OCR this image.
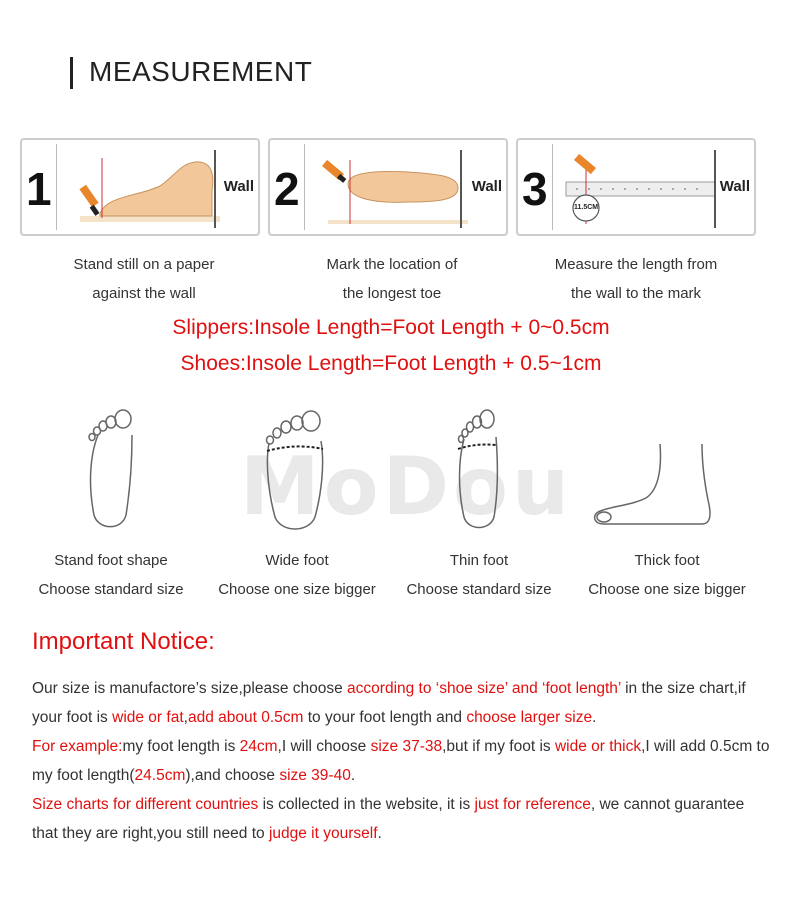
MEASUREMENT
1	Wall 2	Wall 3	11.5CM
Wall
Stand still on a paper
against the wall
Mark the location of
the longest toe
Measure the length from
the wall to the mark
Slippers:Insole Length=Foot Length + 0~0.5cm
Shoes:Insole Length=Foot Length + 0.5~1cm
MoDou
Stand foot shape
Choose standard size
Wide foot
Choose one size bigger
Thin foot
Choose standard size
Thick foot
Choose one size bigger
Important Notice:
Our size is manufactore’s size,please choose according to ‘shoe size’ and ‘foot length’ in the size chart,if your foot is wide or fat,add about 0.5cm to your foot length and choose larger size.
For example:my foot length is 24cm,I will choose size 37-38,but if my foot is wide or thick,I will add 0.5cm to my foot length(24.5cm),and choose size 39-40.
Size charts for different countries is collected in the website, it is just for reference, we cannot guarantee that they are right,you still need to judge it yourself.
